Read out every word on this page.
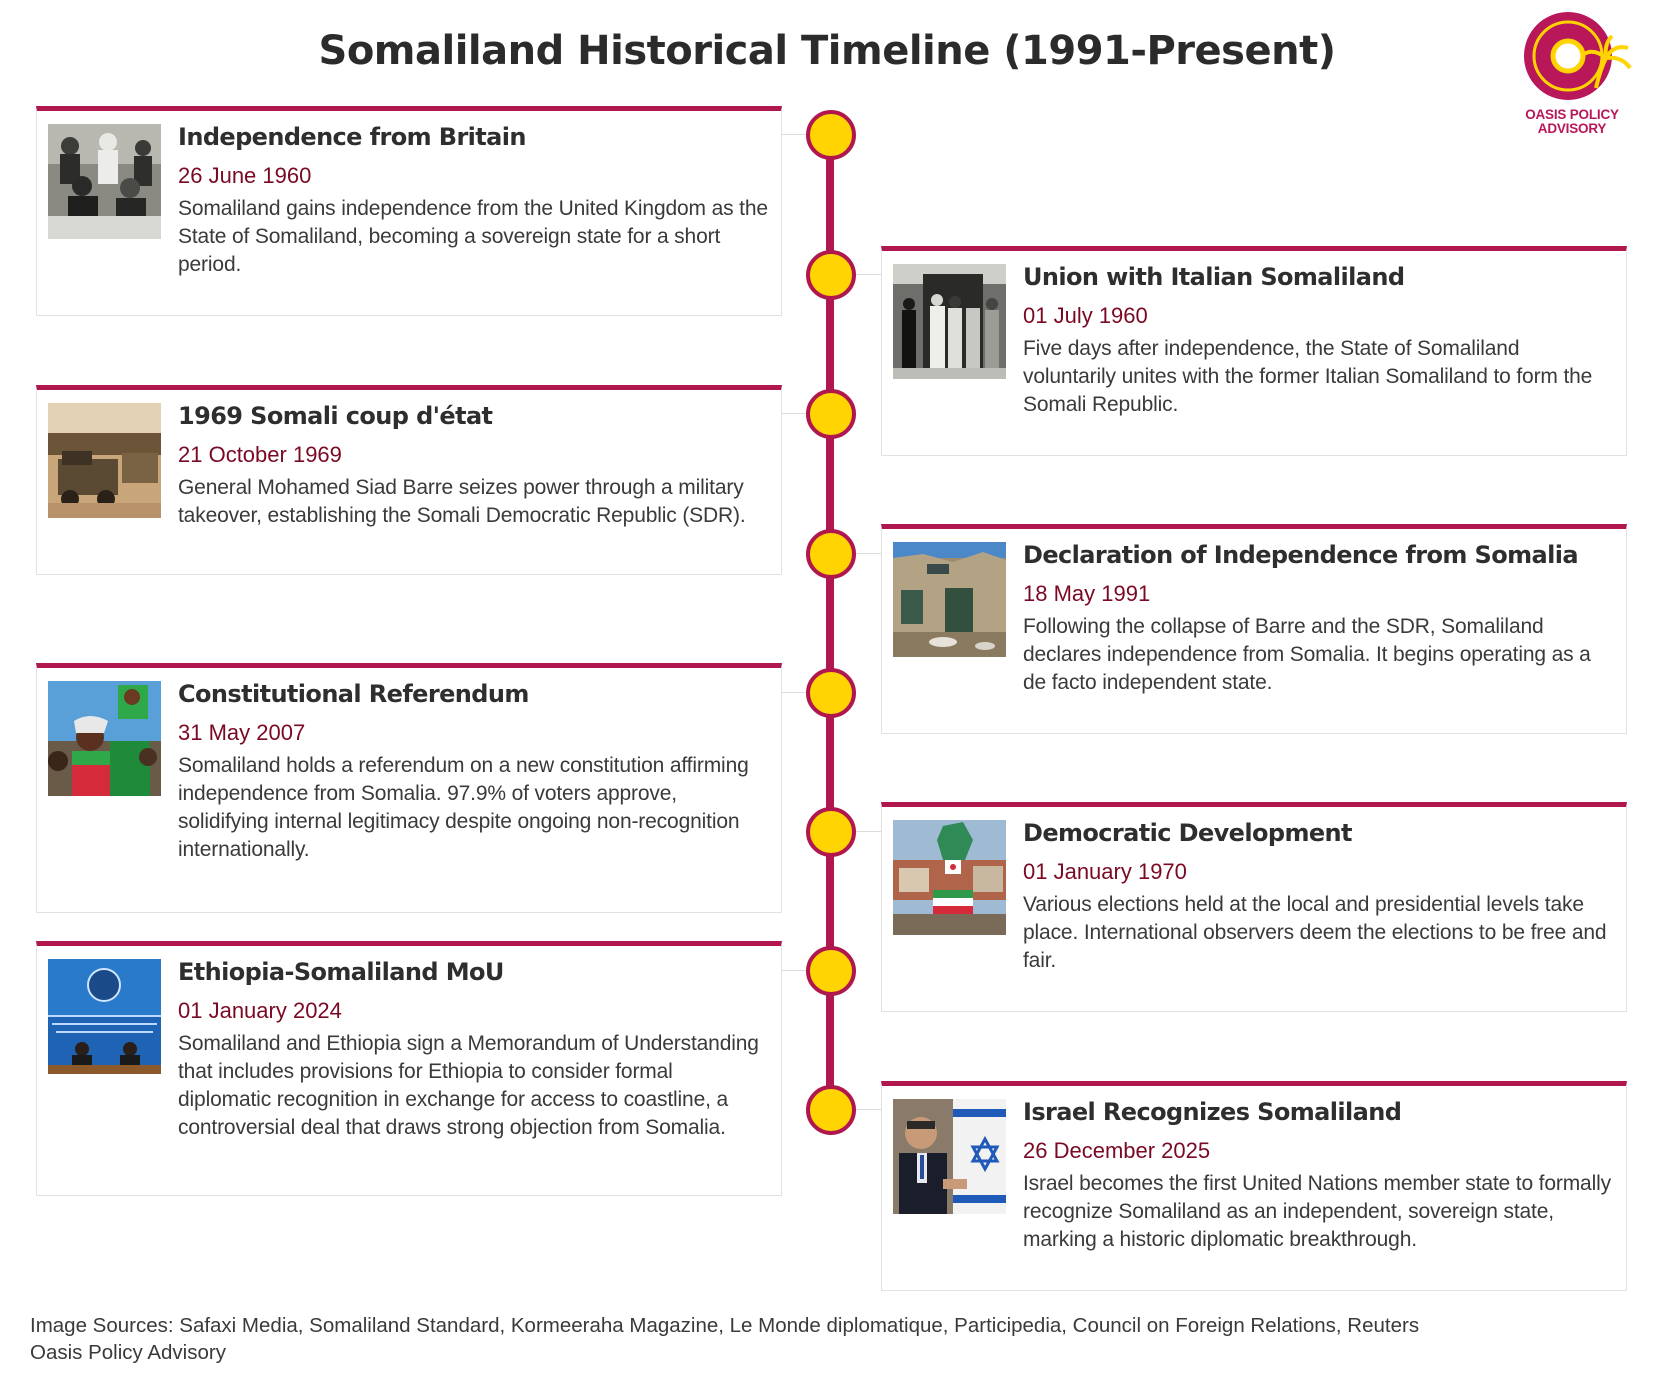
Somaliland Historical Timeline (1991-Present)
OASIS POLICY
ADVISORY
Independence from Britain
26 June 1960
Somaliland gains independence from the United Kingdom as the State of Somaliland, becoming a sovereign state for a short period.	Union with Italian Somaliland
01 July 1960
Five days after independence, the State of Somaliland voluntarily unites with the former Italian Somaliland to form the Somali Republic.
1969 Somali coup d'état
21 October 1969
General Mohamed Siad Barre seizes power through a military takeover, establishing the Somali Democratic Republic (SDR).
Declaration of Independence from Somalia
18 May 1991
Following the collapse of Barre and the SDR, Somaliland declares independence from Somalia. It begins operating as a de facto independent state.
Constitutional Referendum
31 May 2007
Somaliland holds a referendum on a new constitution affirming independence from Somalia. 97.9% of voters approve, solidifying internal legitimacy despite ongoing non-recognition internationally.
Democratic Development
01 January 1970
Various elections held at the local and presidential levels take place. International observers deem the elections to be free and fair.
Ethiopia-Somaliland MoU
01 January 2024
Somaliland and Ethiopia sign a Memorandum of Understanding that includes provisions for Ethiopia to consider formal diplomatic recognition in exchange for access to coastline, a controversial deal that draws strong objection from Somalia.
Israel Recognizes Somaliland
26 December 2025
Israel becomes the first United Nations member state to formally recognize Somaliland as an independent, sovereign state, marking a historic diplomatic breakthrough.
Image Sources: Safaxi Media, Somaliland Standard, Kormeeraha Magazine, Le Monde diplomatique, Participedia, Council on Foreign Relations, Reuters
Oasis Policy Advisory
